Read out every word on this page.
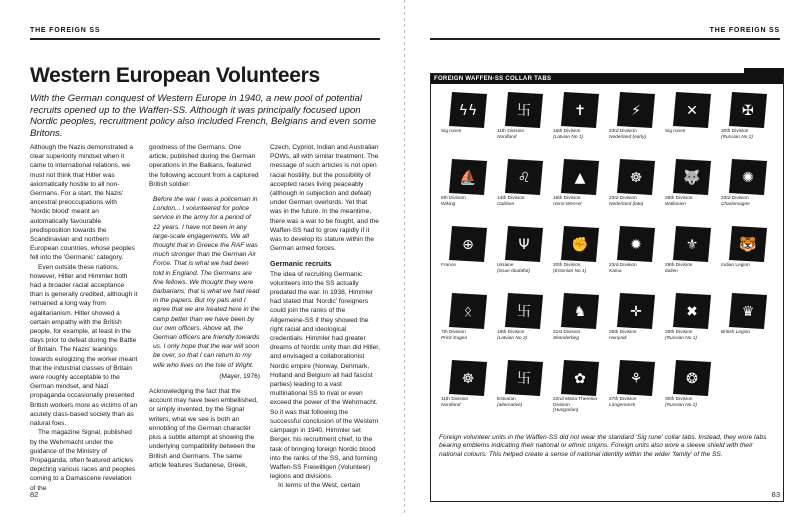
THE FOREIGN SS
Western European Volunteers
With the German conquest of Western Europe in 1940, a new pool of potential recruits opened up to the Waffen-SS. Although it was principally focused upon Nordic peoples, recruitment policy also included French, Belgians and even some Britons.

Although the Nazis demonstrated a clear superiority mindset when it came to international relations, we must not think that Hitler was axiomatically hostile to all non-Germans. For a start, the Nazis' ancestral preoccupations with 'Nordic blood' meant an automatically favourable predisposition towards the Scandinavian and northern European countries, whose peoples fell into the 'Germanic' category.

Even outside these nations, however, Hitler and Himmler both had a broader racial acceptance than is generally credited, although it remained a long way from egalitarianism. Hitler showed a certain empathy with the British people, for example, at least in the days prior to defeat during the Battle of Britain. The Nazis' leanings towards eulogizing the worker meant that the industrial classes of Britain were roughly acceptable to the German mindset, and Nazi propaganda occasionally presented British workers more as victims of an acutely class-based society than as natural foes.

The magazine Signal, published by the Wehrmacht under the guidance of the Ministry of Propaganda, often featured articles depicting various races and peoples coming to a Damascene revelation of the

goodness of the Germans. One article, published during the German operations in the Balkans, featured the following account from a captured British soldier:

Before the war I was a policeman in London... I volunteered for police service in the army for a period of 12 years. I have not been in any large-scale engagements. We all thought that in Greece the RAF was much stronger than the German Air Force. That is what we had been told in England. The Germans are fine fellows. We thought they were barbarians; that is what we had read in the papers. But my pals and I agree that we are treated here in the camp better than we have been by our own officers. Above all, the German officers are friendly towards us. I only hope that the war will soon be over, so that I can return to my wife who lives on the Isle of Wight.

(Mayer, 1976)

Acknowledging the fact that the account may have been embellished, or simply invented, by the Signal writers, what we see is both an ennobling of the German character plus a subtle attempt at showing the underlying compatibility between the British and Germans. The same article features Sudanese, Greek,

Czech, Cypriot, Indian and Australian POWs, all with similar treatment. The message of such articles is not open racial hostility, but the possibility of accepted races living peaceably (although in subjection and defeat) under German overlords. Yet that was in the future. In the meantime, there was a war to be fought, and the Waffen-SS had to grow rapidly if it was to develop its stature within the German armed forces.

Germanic recruits

The idea of recruiting Germanic volunteers into the SS actually predated the war. In 1938, Himmler had stated that 'Nordic' foreigners could join the ranks of the Allgemeine-SS if they showed the right racial and ideological credentials. Himmler had greater dreams of Nordic unity than did Hitler, and envisaged a collaborationist Nordic empire (Norway, Denmark, Holland and Belgium all had fascist parties) leading to a vast multinational SS to rival or even exceed the power of the Wehrmacht. So it was that following the successful conclusion of the Western campaign in 1940, Himmler set Berger, his recruitment chief, to the task of bringing foreign Nordic blood into the ranks of the SS, and forming Waffen-SS Freiwilligen (Volunteer) legions and divisions.

In terms of the West, certain

82
THE FOREIGN SS
FOREIGN WAFFEN-SS COLLAR TABS
ϟϟ
Sig runes
卐
11th Division
Nordland
✝
15th Division
(Latvian No 1)
⚡
23rd Division
Nederland (early)
✕
Sig runes
✠
30th Division
(Russian No 2)
⛵
6th Division
Wiking
♌
14th Division
Galizien
▲
18th Division
Horst Wessel
☸
23rd Division
Nederland (late)
🐺
28th Division
Wallonien
✺
33rd Division
Charlemagne
⊕
France
Ψ
Ukraine
(issue doubtful)
✊
20th Division
(Estonian No 1)
✹
23rd Division
Kama
⚜
29th Division
Italien
🐯
Indian Legion
ᛟ
7th Division
Prinz Eugen
卐
19th Division
(Latvian No 2)
♞
21st Division
Skanderbeg
✛
26th Division
Hunyadi
✖
29th Division
(Russian No 1)
♛
British Legion
☸
11th Division
Nordland
卐
Estonian
(alternative)
✿
22nd Maria Theresia Division
(Hungarian)
⚘
27th Division
Langemarck
❂
30th Division
(Russian No 2)
Foreign volunteer units in the Waffen-SS did not wear the standard 'Sig rune' collar tabs. Instead, they wore tabs bearing emblems indicating their national or ethnic origins. Foreign units also wore a sleeve shield with their national colours. This helped create a sense of national identity within the wider 'family' of the SS.
83
